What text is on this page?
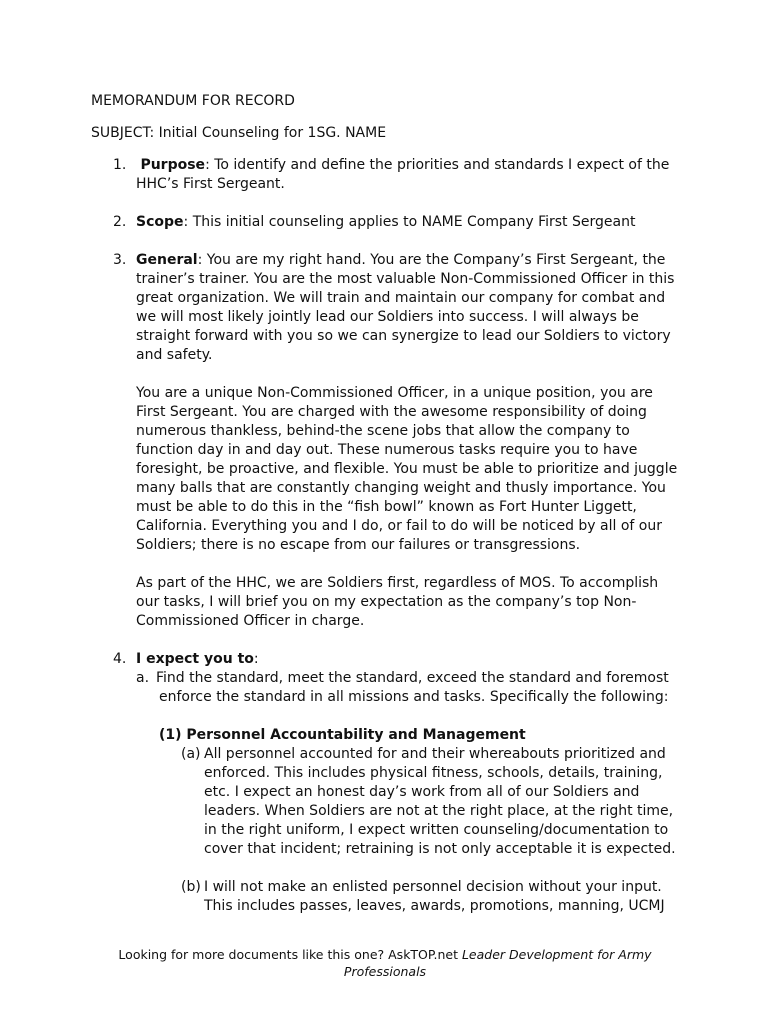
MEMORANDUM FOR RECORD
SUBJECT: Initial Counseling for 1SG. NAME
1.	Purpose: To identify and define the priorities and standards I expect of the
HHC’s First Sergeant.
2. Scope: This initial counseling applies to NAME Company First Sergeant
3. General: You are my right hand. You are the Company’s First Sergeant, the
trainer’s trainer. You are the most valuable Non-Commissioned Officer in this
great organization. We will train and maintain our company for combat and
we will most likely jointly lead our Soldiers into success. I will always be
straight forward with you so we can synergize to lead our Soldiers to victory
and safety.
You are a unique Non-Commissioned Officer, in a unique position, you are
First Sergeant. You are charged with the awesome responsibility of doing
numerous thankless, behind-the scene jobs that allow the company to
function day in and day out. These numerous tasks require you to have
foresight, be proactive, and flexible. You must be able to prioritize and juggle
many balls that are constantly changing weight and thusly importance. You
must be able to do this in the “fish bowl” known as Fort Hunter Liggett,
California. Everything you and I do, or fail to do will be noticed by all of our
Soldiers; there is no escape from our failures or transgressions.
As part of the HHC, we are Soldiers first, regardless of MOS. To accomplish
our tasks, I will brief you on my expectation as the company’s top Non-
Commissioned Officer in charge.
4. I expect you to:
a. Find the standard, meet the standard, exceed the standard and foremost
enforce the standard in all missions and tasks. Specifically the following:
(1) Personnel Accountability and Management
(a) All personnel accounted for and their whereabouts prioritized and
enforced. This includes physical fitness, schools, details, training,
etc. I expect an honest day’s work from all of our Soldiers and
leaders. When Soldiers are not at the right place, at the right time,
in the right uniform, I expect written counseling/documentation to
cover that incident; retraining is not only acceptable it is expected.
(b) I will not make an enlisted personnel decision without your input.
This includes passes, leaves, awards, promotions, manning, UCMJ
Looking for more documents like this one? AskTOP.net Leader Development for Army
Professionals
